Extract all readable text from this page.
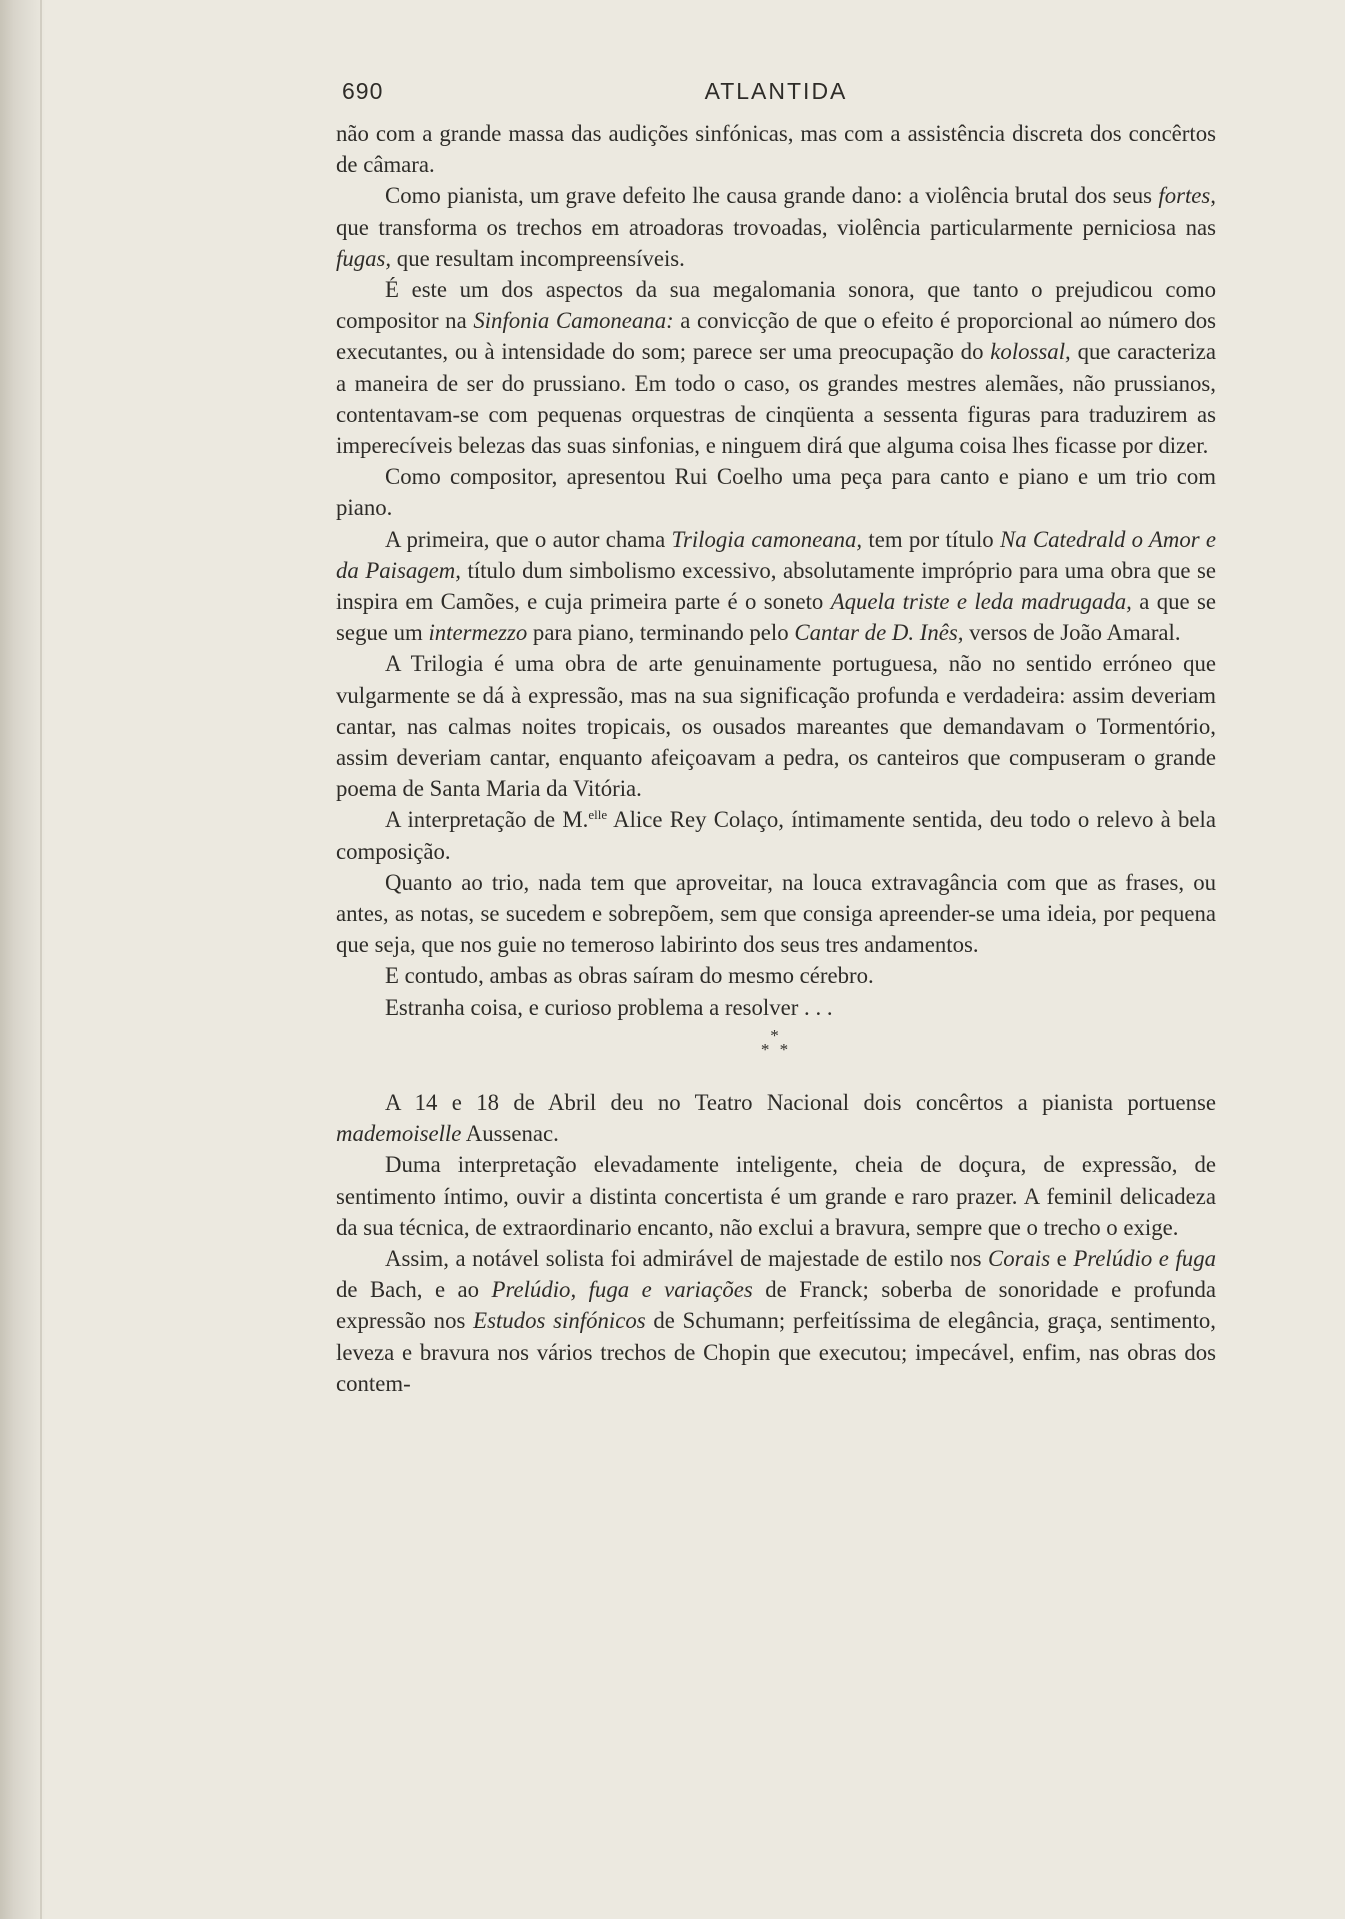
690	ATLANTIDA

não com a grande massa das audições sinfónicas, mas com a assistência discreta dos concêrtos de câmara.

Como pianista, um grave defeito lhe causa grande dano: a violência brutal dos seus fortes, que transforma os trechos em atroadoras trovoadas, violência particularmente perniciosa nas fugas, que resultam incompreensíveis.

É este um dos aspectos da sua megalomania sonora, que tanto o prejudicou como compositor na Sinfonia Camoneana: a convicção de que o efeito é proporcional ao número dos executantes, ou à intensidade do som; parece ser uma preocupação do kolossal, que caracteriza a maneira de ser do prussiano. Em todo o caso, os grandes mestres alemães, não prussianos, contentavam-se com pequenas orquestras de cinqüenta a sessenta figuras para traduzirem as imperecíveis belezas das suas sinfonias, e ninguem dirá que alguma coisa lhes ficasse por dizer.

Como compositor, apresentou Rui Coelho uma peça para canto e piano e um trio com piano.

A primeira, que o autor chama Trilogia camoneana, tem por título Na Catedrald o Amor e da Paisagem, título dum simbolismo excessivo, absolutamente impróprio para uma obra que se inspira em Camões, e cuja primeira parte é o soneto Aquela triste e leda madrugada, a que se segue um intermezzo para piano, terminando pelo Cantar de D. Inês, versos de João Amaral.

A Trilogia é uma obra de arte genuinamente portuguesa, não no sentido erróneo que vulgarmente se dá à expressão, mas na sua significação profunda e verdadeira: assim deveriam cantar, nas calmas noites tropicais, os ousados mareantes que demandavam o Tormentório, assim deveriam cantar, enquanto afeiçoavam a pedra, os canteiros que compuseram o grande poema de Santa Maria da Vitória.

A interpretação de M.$^{elle}$ Alice Rey Colaço, íntimamente sentida, deu todo o relevo à bela composição.

Quanto ao trio, nada tem que aproveitar, na louca extravagância com que as frases, ou antes, as notas, se sucedem e sobrepõem, sem que consiga apreender-se uma ideia, por pequena que seja, que nos guie no temeroso labirinto dos seus tres andamentos.

E contudo, ambas as obras saíram do mesmo cérebro.

Estranha coisa, e curioso problema a resolver . . .

*
* *

A 14 e 18 de Abril deu no Teatro Nacional dois concêrtos a pianista portuense mademoiselle Aussenac.

Duma interpretação elevadamente inteligente, cheia de doçura, de expressão, de sentimento íntimo, ouvir a distinta concertista é um grande e raro prazer. A feminil delicadeza da sua técnica, de extraordinario encanto, não exclui a bravura, sempre que o trecho o exige.

Assim, a notável solista foi admirável de majestade de estilo nos Corais e Prelúdio e fuga de Bach, e ao Prelúdio, fuga e variações de Franck; soberba de sonoridade e profunda expressão nos Estudos sinfónicos de Schumann; perfeitíssima de elegância, graça, sentimento, leveza e bravura nos vários trechos de Chopin que executou; impecável, enfim, nas obras dos contem-
